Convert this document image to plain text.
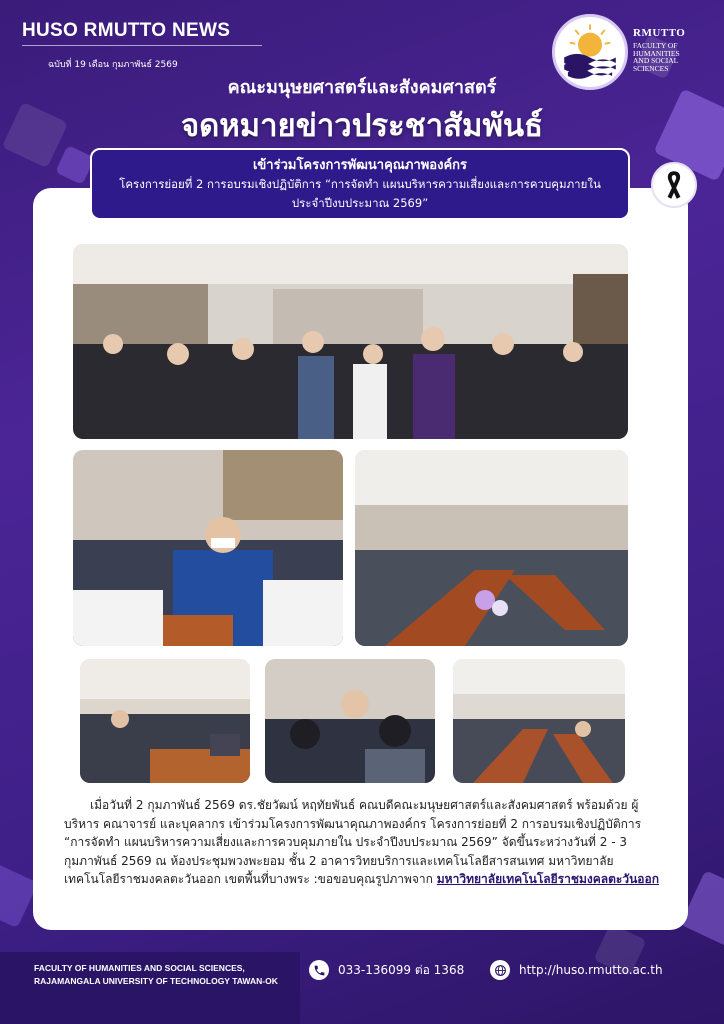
HUSO RMUTTO NEWS
ฉบับที่ 19 เดือน กุมภาพันธ์ 2569
RMUTTO
FACULTY OF HUMANITIES AND SOCIAL SCIENCES
คณะมนุษยศาสตร์และสังคมศาสตร์
จดหมายข่าวประชาสัมพันธ์
เข้าร่วมโครงการพัฒนาคุณภาพองค์กร
โครงการย่อยที่ 2 การอบรมเชิงปฏิบัติการ “การจัดทำ แผนบริหารความเสี่ยงและการควบคุมภายใน ประจำปีงบประมาณ 2569”

เมื่อวันที่ 2 กุมภาพันธ์ 2569 ดร.ชัยวัฒน์ หฤทัยพันธ์ คณบดีคณะมนุษยศาสตร์และสังคมศาสตร์ พร้อมด้วย ผู้บริหาร คณาจารย์ และบุคลากร เข้าร่วมโครงการพัฒนาคุณภาพองค์กร โครงการย่อยที่ 2 การอบรมเชิงปฏิบัติการ “การจัดทำ แผนบริหารความเสี่ยงและการควบคุมภายใน ประจำปีงบประมาณ 2569” จัดขึ้นระหว่างวันที่ 2 - 3 กุมภาพันธ์ 2569 ณ ห้องประชุมพวงพะยอม ชั้น 2 อาคารวิทยบริการและเทคโนโลยีสารสนเทศ มหาวิทยาลัยเทคโนโลยีราชมงคลตะวันออก เขตพื้นที่บางพระ :ขอขอบคุณรูปภาพจาก มหาวิทยาลัยเทคโนโลยีราชมงคลตะวันออก

FACULTY OF HUMANITIES AND SOCIAL SCIENCES,
RAJAMANGALA UNIVERSITY OF TECHNOLOGY TAWAN-OK
033-136099 ต่อ 1368	http://huso.rmutto.ac.th
